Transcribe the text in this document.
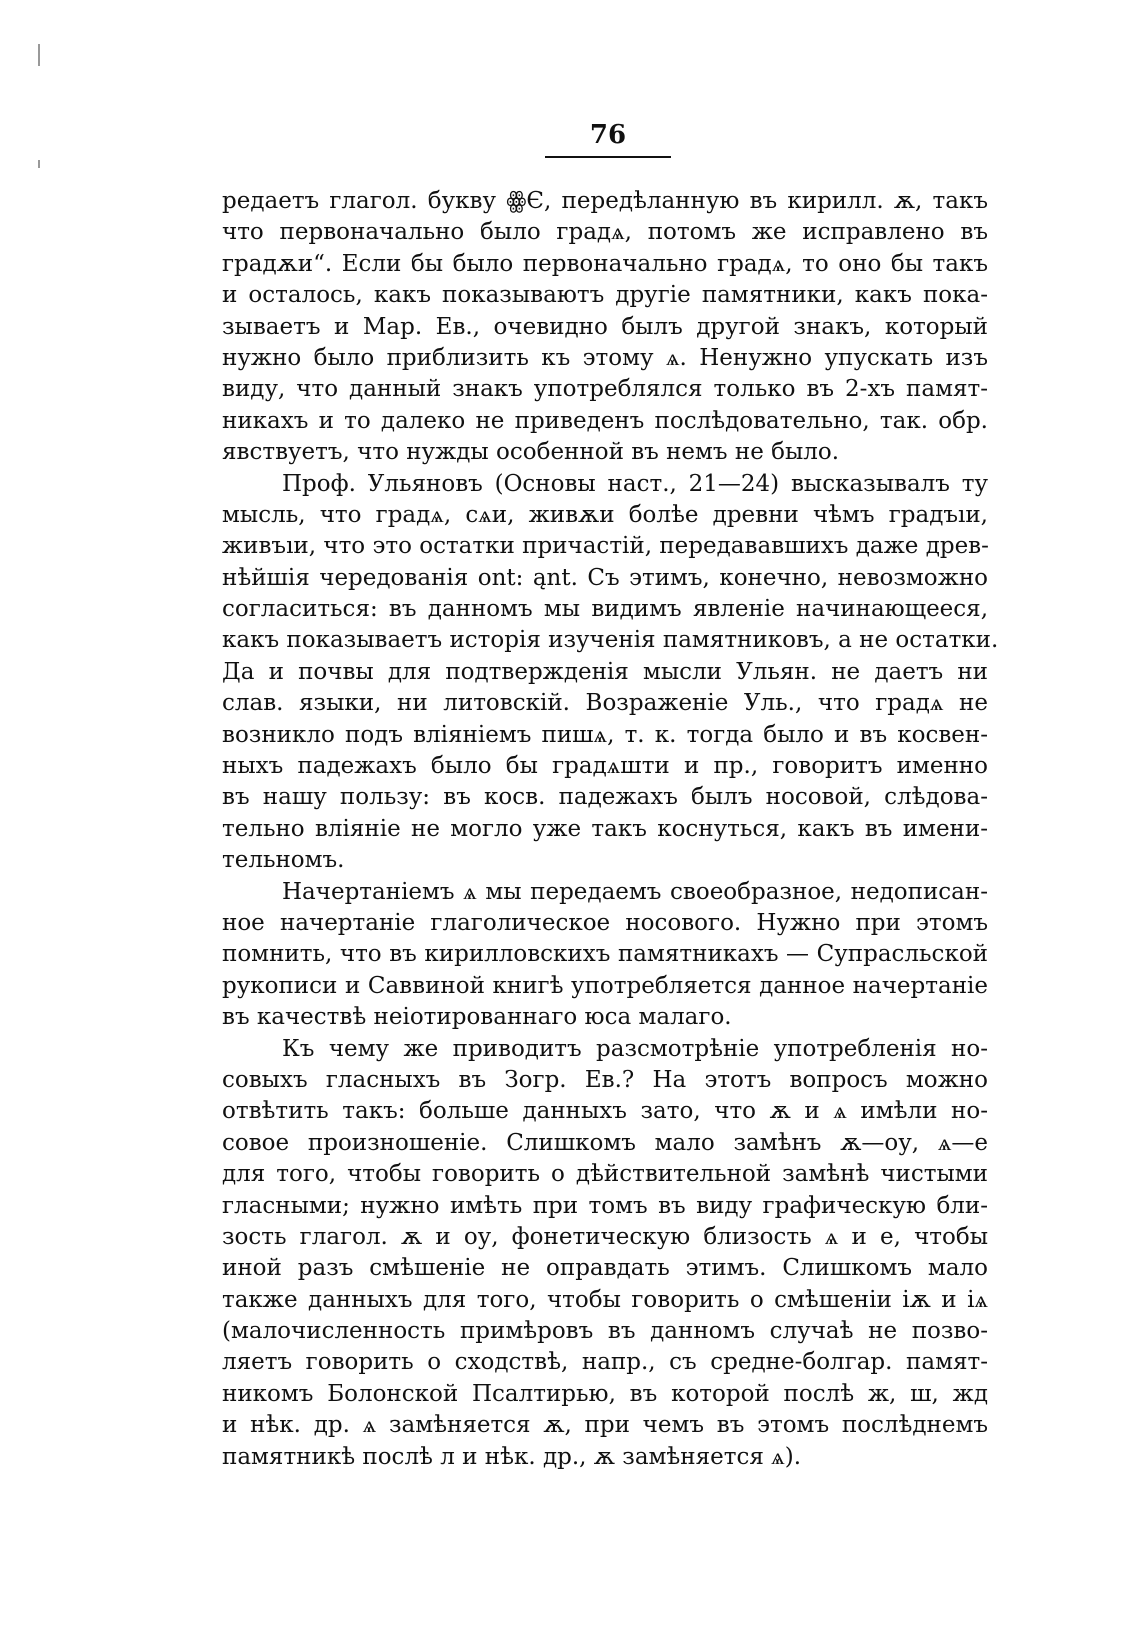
76
редаетъ глагол. букву ꙮЄ, передѣланную въ кирилл. ѫ, такъ
что первоначально было градѧ, потомъ же исправлено въ
градѫи“. Если бы было первоначально градѧ, то оно бы такъ
и осталось, какъ показываютъ другіе памятники, какъ пока-
зываетъ и Мар. Ев., очевидно былъ другой знакъ, который
нужно было приблизить къ этому ѧ. Ненужно упускать изъ
виду, что данный знакъ употреблялся только въ 2-хъ памят-
никахъ и то далеко не приведенъ послѣдовательно, так. обр.
явствуетъ, что нужды особенной въ немъ не было.
Проф. Ульяновъ (Основы наст., 21—24) высказывалъ ту
мысль, что градѧ, сѧи, живѫи болѣе древни чѣмъ градъıи,
живъıи, что это остатки причастій, передававшихъ даже древ-
нѣйшія чередованія ont: ąnt. Съ этимъ, конечно, невозможно
согласиться: въ данномъ мы видимъ явленіе начинающееся,
какъ показываетъ исторія изученія памятниковъ, а не остатки.
Да и почвы для подтвержденія мысли Ульян. не даетъ ни
слав. языки, ни литовскій. Возраженіе Уль., что градѧ не
возникло подъ вліяніемъ пишѧ, т. к. тогда было и въ косвен-
ныхъ падежахъ было бы градѧшти и пр., говоритъ именно
въ нашу пользу: въ косв. падежахъ былъ носовой, слѣдова-
тельно вліяніе не могло уже такъ коснуться, какъ въ имени-
тельномъ.
Начертаніемъ ѧ мы передаемъ своеобразное, недописан-
ное начертаніе глаголическое носового. Нужно при этомъ
помнить, что въ кирилловскихъ памятникахъ — Супрасльской
рукописи и Саввиной книгѣ употребляется данное начертаніе
въ качествѣ неіотированнаго юса малаго.
Къ чему же приводитъ разсмотрѣніе употребленія но-
совыхъ гласныхъ въ Зогр. Ев.? На этотъ вопросъ можно
отвѣтить такъ: больше данныхъ зато, что ѫ и ѧ имѣли но-
совое произношеніе. Слишкомъ мало замѣнъ ѫ—оу, ѧ—е
для того, чтобы говорить о дѣйствительной замѣнѣ чистыми
гласными; нужно имѣть при томъ въ виду графическую бли-
зость глагол. ѫ и оу, фонетическую близость ѧ и е, чтобы
иной разъ смѣшеніе не оправдать этимъ. Слишкомъ мало
также данныхъ для того, чтобы говорить о смѣшеніи іѫ и іѧ
(малочисленность примѣровъ въ данномъ случаѣ не позво-
ляетъ говорить о сходствѣ, напр., съ средне-болгар. памят-
никомъ Болонской Псалтирью, въ которой послѣ ж, ш, жд
и нѣк. др. ѧ замѣняется ѫ, при чемъ въ этомъ послѣднемъ
памятникѣ послѣ л и нѣк. др., ѫ замѣняется ѧ).
